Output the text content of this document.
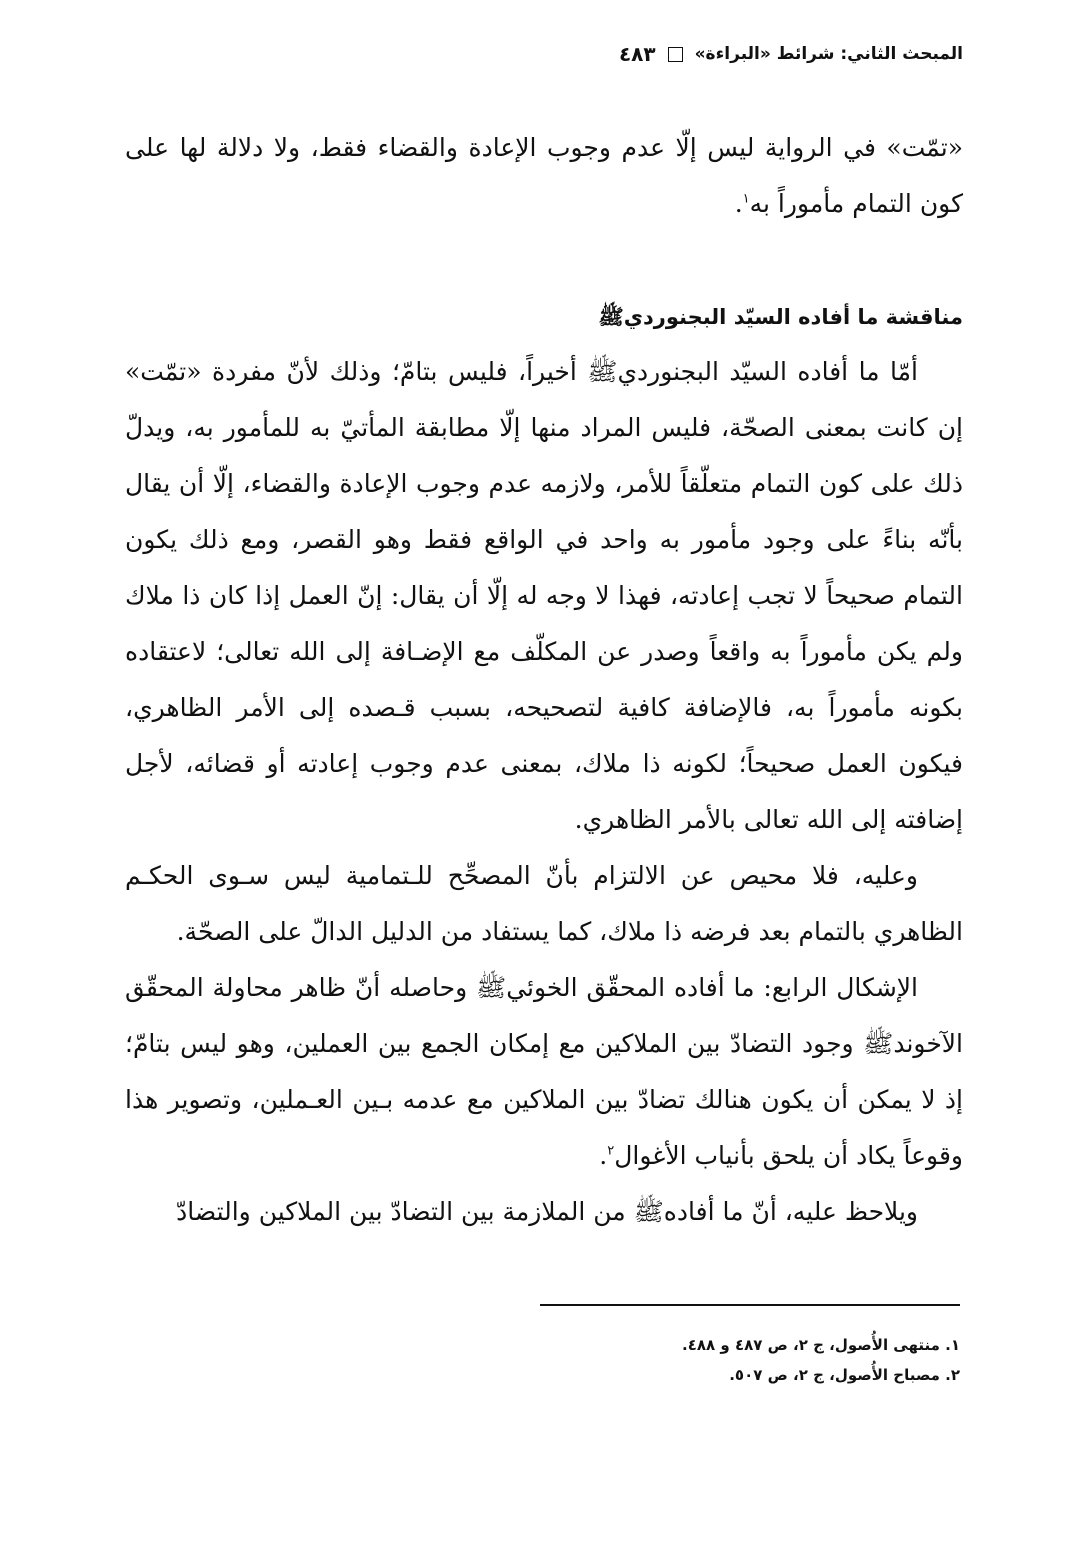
المبحث الثاني: شرائط «البراءة»
٤٨٣

«تمّت» في الرواية ليس إلّا عدم وجوب الإعادة والقضاء فقط، ولا دلالة لها على كون التمام مأموراً به$^١$.

مناقشة ما أفاده السيّد البجنورديﷺ

أمّا ما أفاده السيّد البجنورديﷺ أخيراً، فليس بتامّ؛ وذلك لأنّ مفردة «تمّت» إن كانت بمعنى الصحّة، فليس المراد منها إلّا مطابقة المأتيّ به للمأمور به، ويدلّ ذلك على كون التمام متعلّقاً للأمر، ولازمه عدم وجوب الإعادة والقضاء، إلّا أن يقال بأنّه بناءً على وجود مأمور به واحد في الواقع فقط وهو القصر، ومع ذلك يكون التمام صحيحاً لا تجب إعادته، فهذا لا وجه له إلّا أن يقال: إنّ العمل إذا كان ذا ملاك ولم يكن مأموراً به واقعاً وصدر عن المكلّف مع الإضـافة إلى الله تعالى؛ لاعتقاده بكونه مأموراً به، فالإضافة كافية لتصحيحه، بسبب قـصده إلى الأمر الظاهري، فيكون العمل صحيحاً؛ لكونه ذا ملاك، بمعنى عدم وجوب إعادته أو قضائه، لأجل إضافته إلى الله تعالى بالأمر الظاهري.

وعليه، فلا محيص عن الالتزام بأنّ المصحِّح للـتمامية ليس سـوى الحكـم الظاهري بالتمام بعد فرضه ذا ملاك، كما يستفاد من الدليل الدالّ على الصحّة.

الإشكال الرابع: ما أفاده المحقّق الخوئيﷺ وحاصله أنّ ظاهر محاولة المحقّق الآخوندﷺ وجود التضادّ بين الملاكين مع إمكان الجمع بين العملين، وهو ليس بتامّ؛ إذ لا يمكن أن يكون هنالك تضادّ بين الملاكين مع عدمه بـين العـملين، وتصوير هذا وقوعاً يكاد أن يلحق بأنياب الأغوال$^٢$.

ويلاحظ عليه، أنّ ما أفادهﷺ من الملازمة بين التضادّ بين الملاكين والتضادّ

١. منتهى الأُصول، ج ٢، ص ٤٨٧ و ٤٨٨.

٢. مصباح الأُصول، ج ٢، ص ٥٠٧.
